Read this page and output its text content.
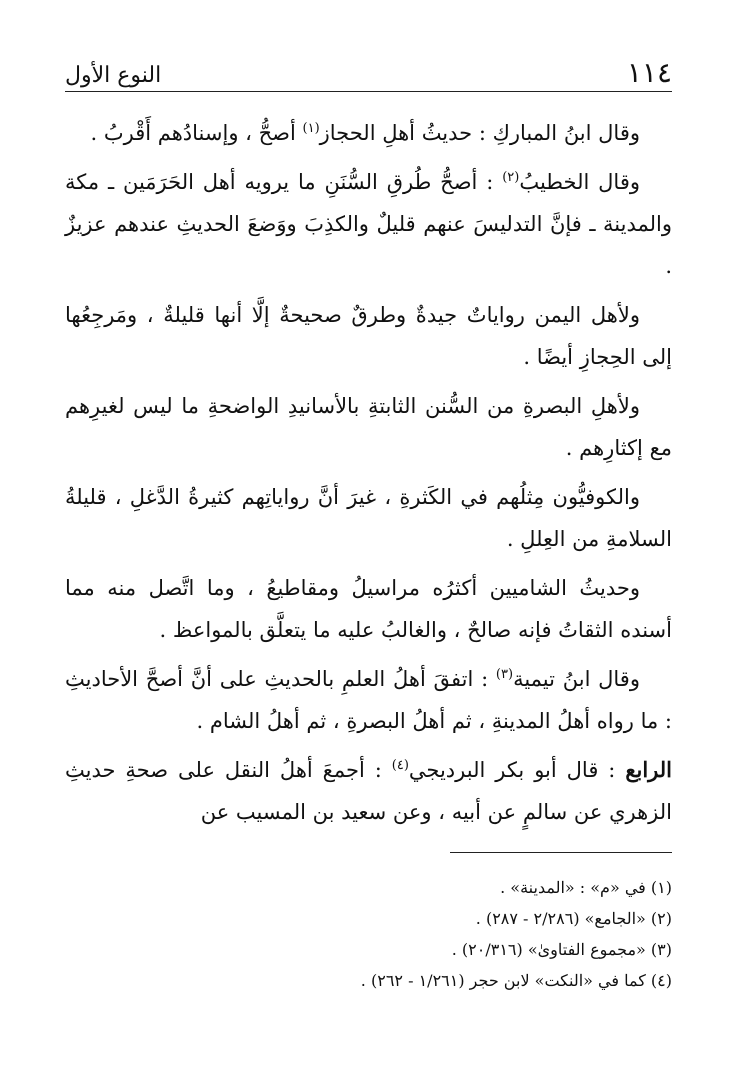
١١٤
النوع الأول

وقال ابنُ المباركِ : حديثُ أهلِ الحجاز$^{(١)}$ أصحُّ ، وإسنادُهم أَقْربُ .

وقال الخطيبُ$^{(٢)}$ : أصحُّ طُرقِ السُّنَنِ ما يرويه أهل الحَرَمَين ـ مكة والمدينة ـ فإنَّ التدليسَ عنهم قليلٌ والكذِبَ ووَضعَ الحديثِ عندهم عزيزٌ .

ولأهل اليمن رواياتٌ جيدةٌ وطرقٌ صحيحةٌ إلَّا أنها قليلةٌ ، ومَرجِعُها إلى الحِجازِ أيضًا .

ولأهلِ البصرةِ من السُّنن الثابتةِ بالأسانيدِ الواضحةِ ما ليس لغيرِهم مع إكثارِهم .

والكوفيُّون مِثلُهم في الكَثرةِ ، غيرَ أنَّ رواياتِهم كثيرةُ الدَّغلِ ، قليلةُ السلامةِ من العِللِ .

وحديثُ الشاميين أكثرُه مراسيلُ ومقاطيعُ ، وما اتَّصل منه مما أسنده الثقاتُ فإنه صالحٌ ، والغالبُ عليه ما يتعلَّق بالمواعظ .

وقال ابنُ تيمية$^{(٣)}$ : اتفقَ أهلُ العلمِ بالحديثِ على أنَّ أصحَّ الأحاديثِ : ما رواه أهلُ المدينةِ ، ثم أهلُ البصرةِ ، ثم أهلُ الشام .

الرابع : قال أبو بكر البرديجي$^{(٤)}$ : أجمعَ أهلُ النقل على صحةِ حديثِ الزهري عن سالمٍ عن أبيه ، وعن سعيد بن المسيب عن

(١) في «م» : «المدينة» .
(٢) «الجامع» (٢/٢٨٦ - ٢٨٧) .
(٣) «مجموع الفتاوىٰ» (٢٠/٣١٦) .
(٤) كما في «النكت» لابن حجر (١/٢٦١ - ٢٦٢) .
